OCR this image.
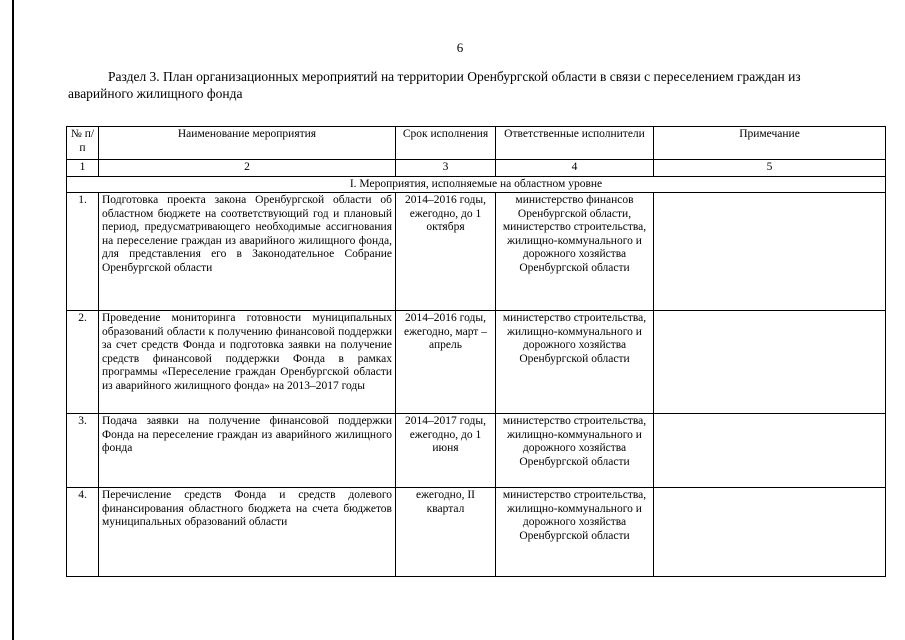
6
Раздел 3. План организационных мероприятий на территории Оренбургской области в связи с переселением граждан из аварийного жилищного фонда
№ п/п	Наименование мероприятия	Срок исполнения	Ответственные исполнители	Примечание
1	2	3	4	5
I. Мероприятия, исполняемые на областном уровне				
1.	Подготовка проекта закона Оренбургской области об областном бюджете на соответствующий год и плановый период, предусматривающего необходимые ассигнования на переселение граждан из аварийного жилищного фонда, для представления его в Законодательное Собрание Оренбургской области	2014–2016 годы, ежегодно, до 1 октября	министерство финансов Оренбургской области, министерство строительства, жилищно-коммунального и дорожного хозяйства Оренбургской области	
2.	Проведение мониторинга готовности муниципальных образований области к получению финансовой поддержки за счет средств Фонда и подготовка заявки на получение средств финансовой поддержки Фонда в рамках программы «Переселение граждан Оренбургской области из аварийного жилищного фонда» на 2013–2017 годы	2014–2016 годы, ежегодно, март – апрель	министерство строительства, жилищно-коммунального и дорожного хозяйства Оренбургской области	
3.	Подача заявки на получение финансовой поддержки Фонда на переселение граждан из аварийного жилищного фонда	2014–2017 годы, ежегодно, до 1 июня	министерство строительства, жилищно-коммунального и дорожного хозяйства Оренбургской области	
4.	Перечисление средств Фонда и средств долевого финансирования областного бюджета на счета бюджетов муниципальных образований области	ежегодно, II квартал	министерство строительства, жилищно-коммунального и дорожного хозяйства Оренбургской области	
